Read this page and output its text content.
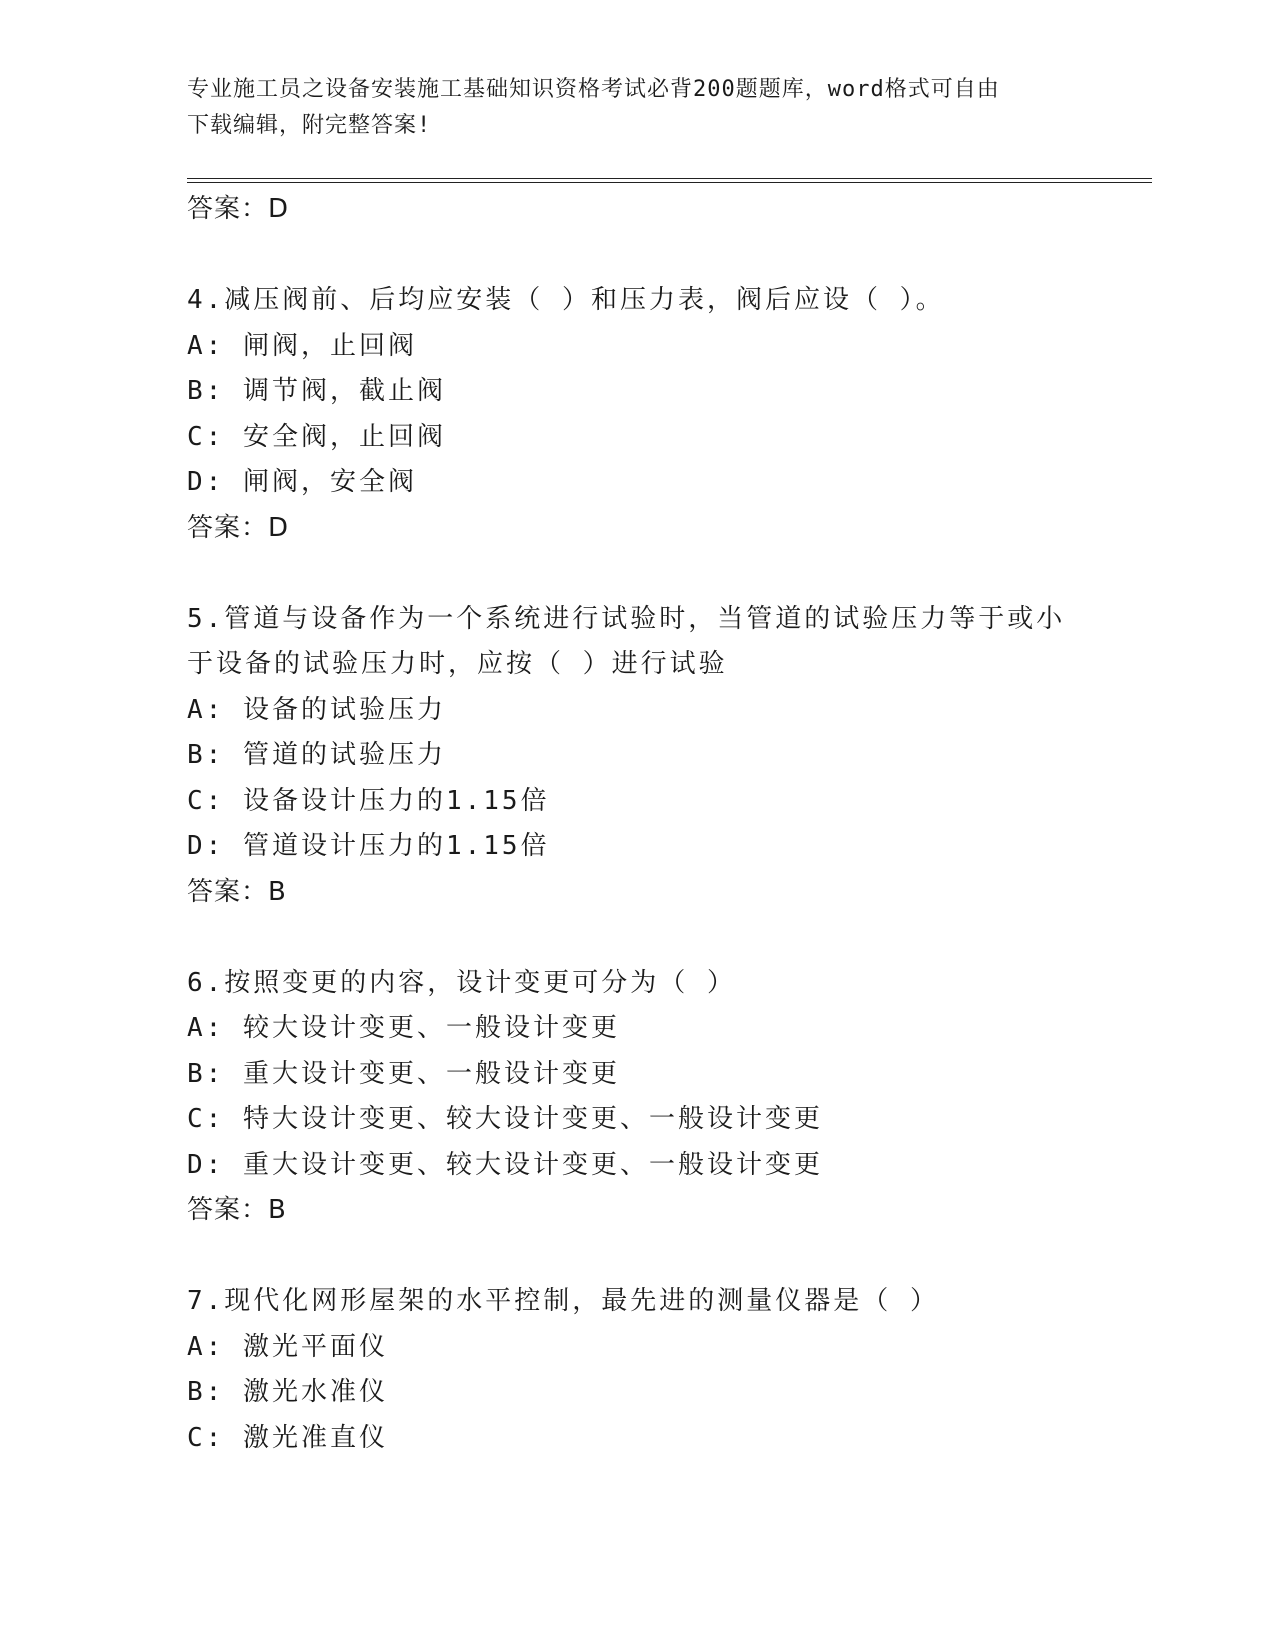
专业施工员之设备安装施工基础知识资格考试必背200题题库，word格式可自由
下载编辑，附完整答案!
答案：D
4.减压阀前、后均应安装（ ）和压力表，阀后应设（ ）。
A: 闸阀，止回阀
B: 调节阀，截止阀
C: 安全阀，止回阀
D: 闸阀，安全阀
答案：D
5.管道与设备作为一个系统进行试验时，当管道的试验压力等于或小
于设备的试验压力时，应按（ ）进行试验
A: 设备的试验压力
B: 管道的试验压力
C: 设备设计压力的1.15倍
D: 管道设计压力的1.15倍
答案：B
6.按照变更的内容，设计变更可分为（ ）
A: 较大设计变更、一般设计变更
B: 重大设计变更、一般设计变更
C: 特大设计变更、较大设计变更、一般设计变更
D: 重大设计变更、较大设计变更、一般设计变更
答案：B
7.现代化网形屋架的水平控制，最先进的测量仪器是（ ）
A: 激光平面仪
B: 激光水准仪
C: 激光准直仪
